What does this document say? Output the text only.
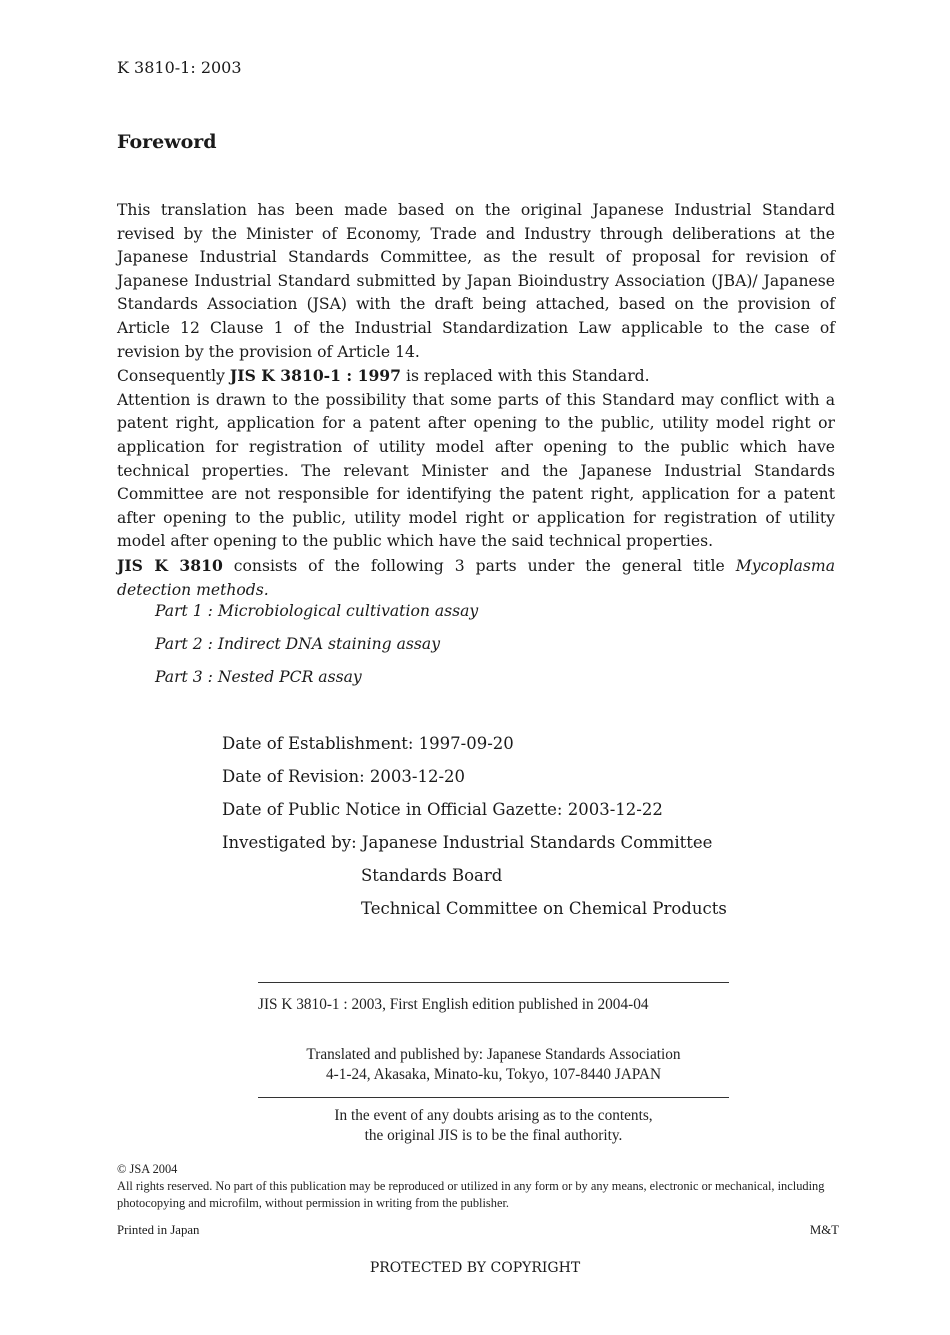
K 3810-1: 2003
Foreword

This translation has been made based on the original Japanese Industrial Standard revised by the Minister of Economy, Trade and Industry through deliberations at the Japanese Industrial Standards Committee, as the result of proposal for revision of Japanese Industrial Standard submitted by Japan Bioindustry Association (JBA)/ Japanese Standards Association (JSA) with the draft being attached, based on the provision of Article 12 Clause 1 of the Industrial Standardization Law applicable to the case of revision by the provision of Article 14.

Consequently JIS K 3810-1 : 1997 is replaced with this Standard.

Attention is drawn to the possibility that some parts of this Standard may conflict with a patent right, application for a patent after opening to the public, utility model right or application for registration of utility model after opening to the public which have technical properties. The relevant Minister and the Japanese Industrial Standards Committee are not responsible for identifying the patent right, application for a patent after opening to the public, utility model right or application for registration of utility model after opening to the public which have the said technical properties.

JIS K 3810 consists of the following 3 parts under the general title Mycoplasma detection methods.

Part 1 : Microbiological cultivation assay
Part 2 : Indirect DNA staining assay
Part 3 : Nested PCR assay
Date of Establishment: 1997-09-20
Date of Revision: 2003-12-20
Date of Public Notice in Official Gazette: 2003-12-22
Investigated by: Japanese Industrial Standards Committee
Standards Board
Technical Committee on Chemical Products
JIS K 3810-1 : 2003, First English edition published in 2004-04
Translated and published by: Japanese Standards Association
4-1-24, Akasaka, Minato-ku, Tokyo, 107-8440 JAPAN
In the event of any doubts arising as to the contents,
the original JIS is to be the final authority.
© JSA 2004
All rights reserved. No part of this publication may be reproduced or utilized in any form or by any means, electronic or mechanical, including photocopying and microfilm, without permission in writing from the publisher.
Printed in Japan	M&T
PROTECTED BY COPYRIGHT
